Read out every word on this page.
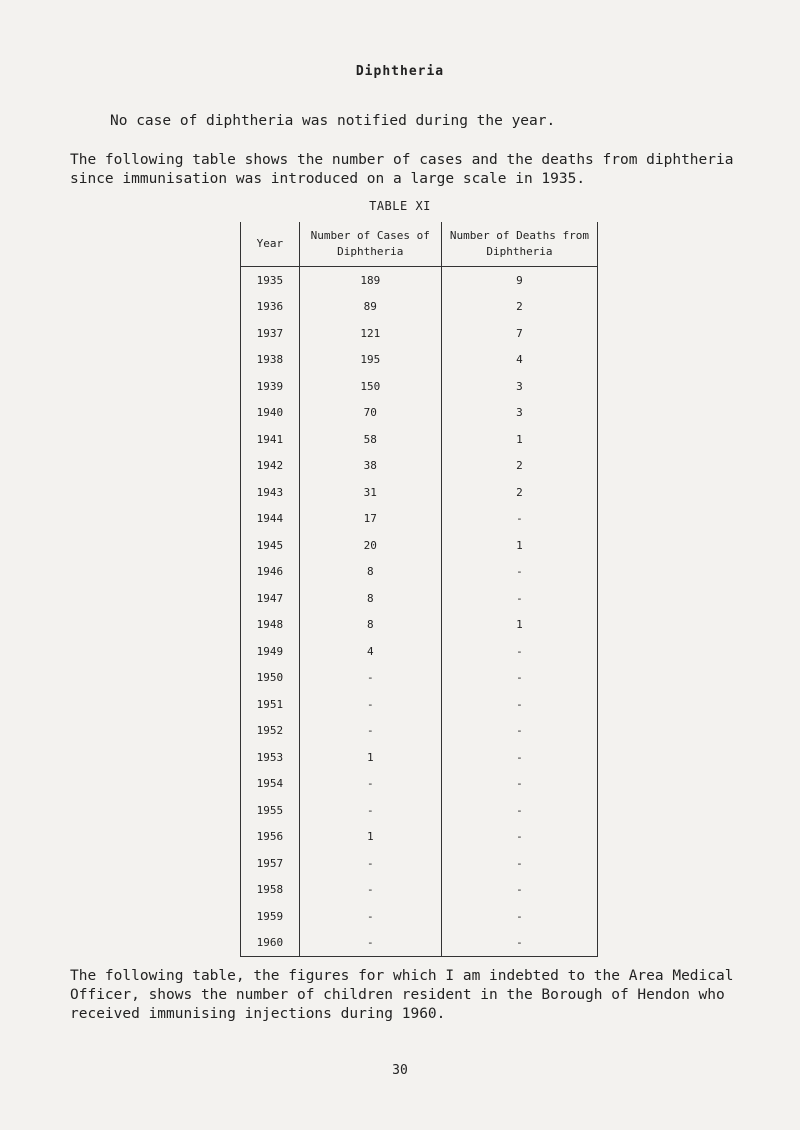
Diphtheria

No case of diphtheria was notified during the year.

The following table shows the number of cases and the deaths from diphtheria since immunisation was introduced on a large scale in 1935.

TABLE XI
Year	Number of Cases of Diphtheria	Number of Deaths from Diphtheria
1935	189	9
1936	89	2
1937	121	7
1938	195	4
1939	150	3
1940	70	3
1941	58	1
1942	38	2
1943	31	2
1944	17	-
1945	20	1
1946	8	-
1947	8	-
1948	8	1
1949	4	-
1950	-	-
1951	-	-
1952	-	-
1953	1	-
1954	-	-
1955	-	-
1956	1	-
1957	-	-
1958	-	-
1959	-	-
1960	-	-

The following table, the figures for which I am indebted to the Area Medical Officer, shows the number of children resident in the Borough of Hendon who received immunising injections during 1960.

30
